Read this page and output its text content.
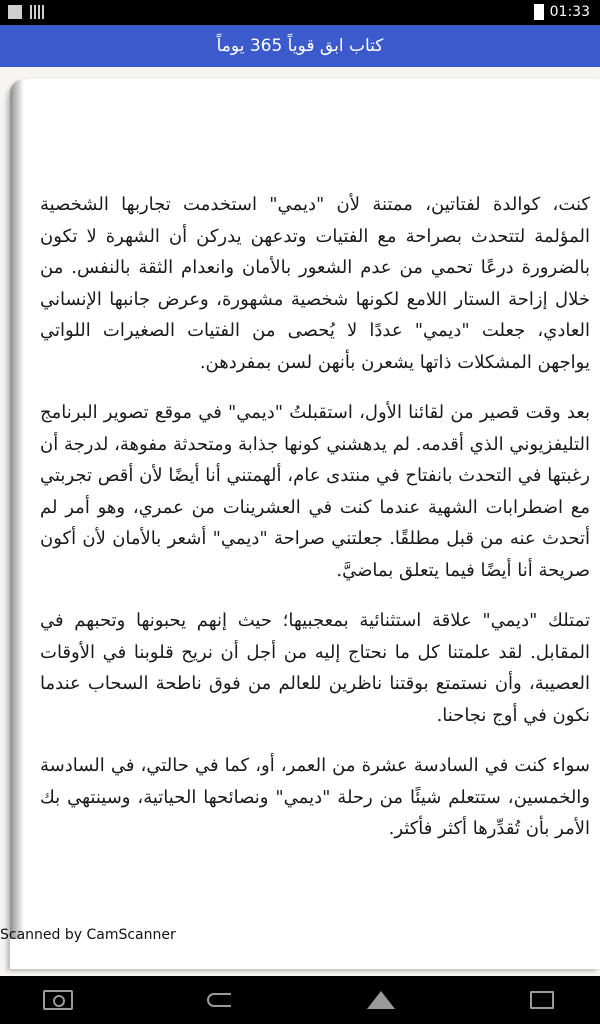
01:33
كتاب ابق قوياً 365 يوماً

كنت، كوالدة لفتاتين، ممتنة لأن "ديمي" استخدمت تجاربها الشخصية المؤلمة لتتحدث بصراحة مع الفتيات وتدعهن يدركن أن الشهرة لا تكون بالضرورة درعًا تحمي من عدم الشعور بالأمان وانعدام الثقة بالنفس. من خلال إزاحة الستار اللامع لكونها شخصية مشهورة، وعرض جانبها الإنساني العادي، جعلت "ديمي" عددًا لا يُحصى من الفتيات الصغيرات اللواتي يواجهن المشكلات ذاتها يشعرن بأنهن لسن بمفردهن.

بعد وقت قصير من لقائنا الأول، استقبلتُ "ديمي" في موقع تصوير البرنامج التليفزيوني الذي أقدمه. لم يدهشني كونها جذابة ومتحدثة مفوهة، لدرجة أن رغبتها في التحدث بانفتاح في منتدى عام، ألهمتني أنا أيضًا لأن أقص تجربتي مع اضطرابات الشهية عندما كنت في العشرينات من عمري، وهو أمر لم أتحدث عنه من قبل مطلقًا. جعلتني صراحة "ديمي" أشعر بالأمان لأن أكون صريحة أنا أيضًا فيما يتعلق بماضيَّ.

تمتلك "ديمي" علاقة استثنائية بمعجبيها؛ حيث إنهم يحبونها وتحبهم في المقابل. لقد علمتنا كل ما نحتاج إليه من أجل أن نريح قلوبنا في الأوقات العصيبة، وأن نستمتع بوقتنا ناظرين للعالم من فوق ناطحة السحاب عندما نكون في أوج نجاحنا.

سواء كنت في السادسة عشرة من العمر، أو، كما في حالتي، في السادسة والخمسين، ستتعلم شيئًا من رحلة "ديمي" ونصائحها الحياتية، وسينتهي بك الأمر بأن تُقدِّرها أكثر فأكثر.

Scanned by CamScanner
